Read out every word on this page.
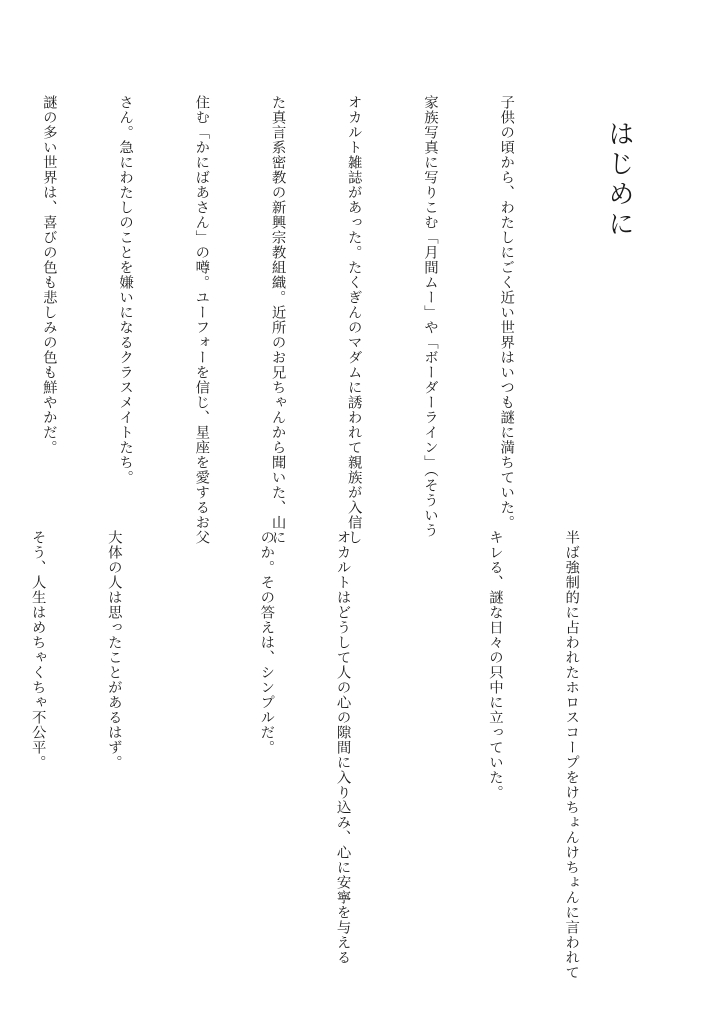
はじめに

子供の頃から、わたしにごく近い世界はいつも謎に満ちていた。

家族写真に写りこむ「月間ムー」や「ボーダーライン」（そういう

オカルト雑誌があった。たくぎんのマダムに誘われて親族が入信し

た真言系密教の新興宗教組織。近所のお兄ちゃんから聞いた、山に

住む「かにばあさん」の噂。ユーフォーを信じ、星座を愛するお父

さん。急にわたしのことを嫌いになるクラスメイトたち。

謎の多い世界は、喜びの色も悲しみの色も鮮やかだ。

半ば強制的に占われたホロスコープをけちょんけちょんに言われて

キレる、謎な日々の只中に立っていた。

オカルトはどうして人の心の隙間に入り込み、心に安寧を与える

のか。その答えは、シンプルだ。

大体の人は思ったことがあるはず。

そう、人生はめちゃくちゃ不公平。
